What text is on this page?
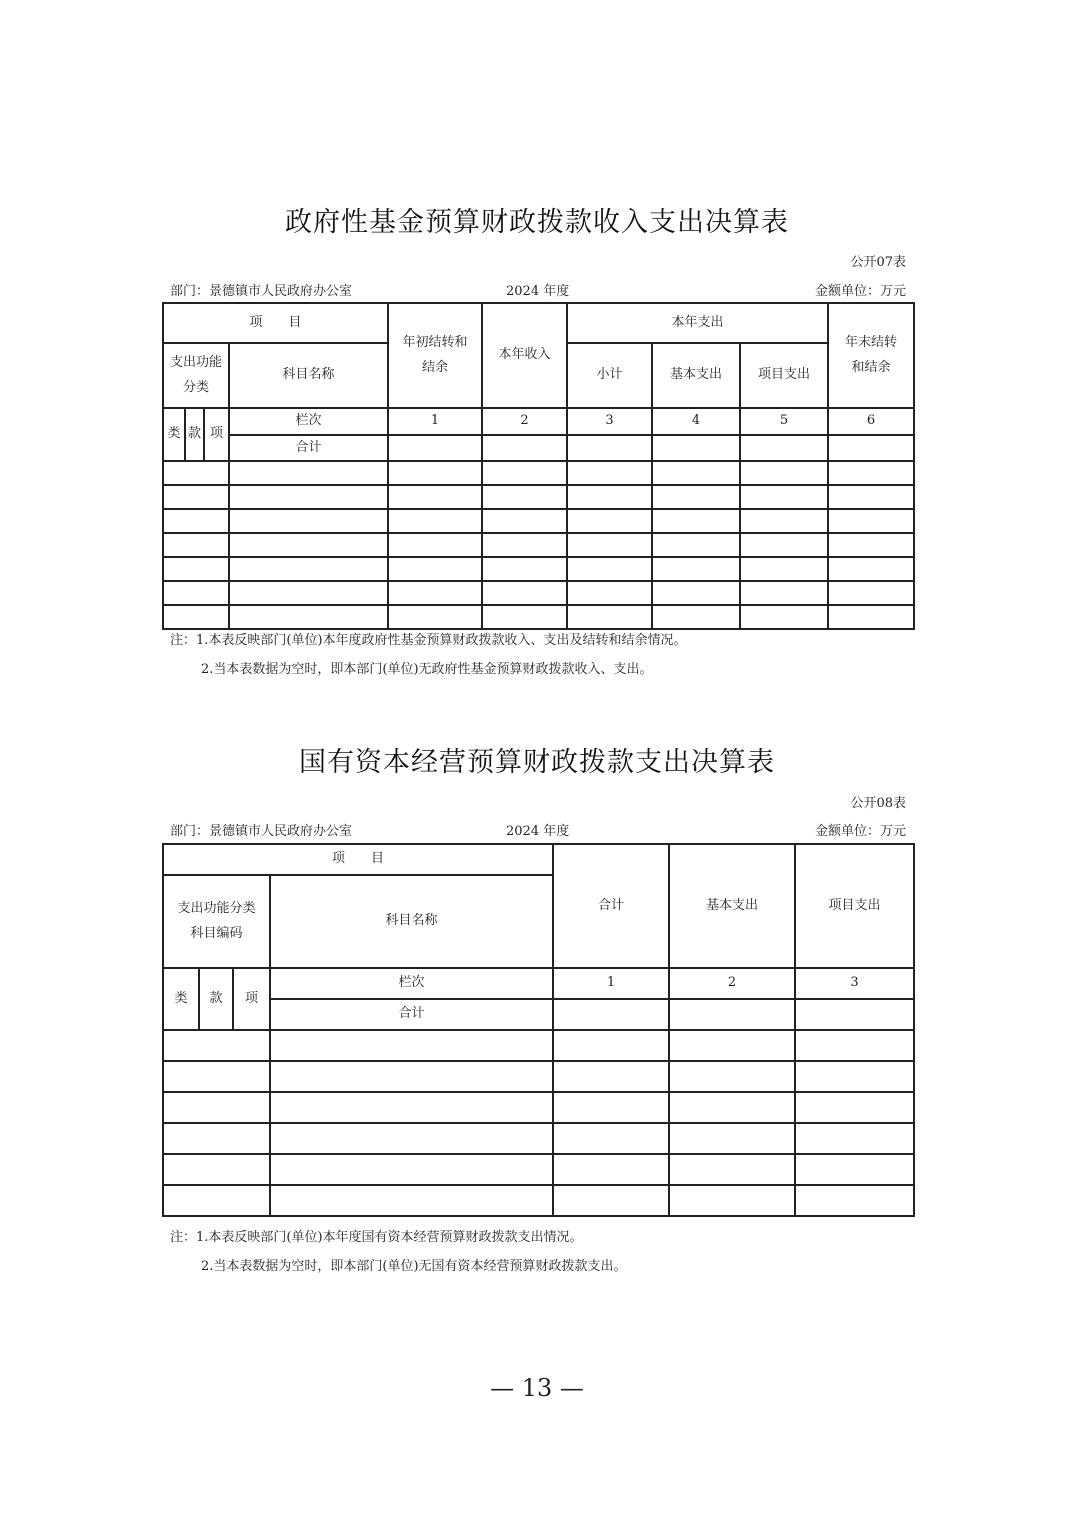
政府性基金预算财政拨款收入支出决算表
公开07表
部门：景德镇市人民政府办公室	2024 年度	金额单位：万元
项　　目				年初结转和结余	本年收入	本年支出			年末结转和结余
支出功能分类			科目名称			小计	基本支出	项目支出	
类	款	项	栏次	1	2	3	4	5	6
			合计						

注：1.本表反映部门(单位)本年度政府性基金预算财政拨款收入、支出及结转和结余情况。
2.当本表数据为空时，即本部门(单位)无政府性基金预算财政拨款收入、支出。
国有资本经营预算财政拨款支出决算表
公开08表
部门：景德镇市人民政府办公室	2024 年度	金额单位：万元
项　　目				合计	基本支出	项目支出
支出功能分类科目编码			科目名称			
类	款	项	栏次	1	2	3
			合计			

注：1.本表反映部门(单位)本年度国有资本经营预算财政拨款支出情况。
2.当本表数据为空时，即本部门(单位)无国有资本经营预算财政拨款支出。
— 13 —
